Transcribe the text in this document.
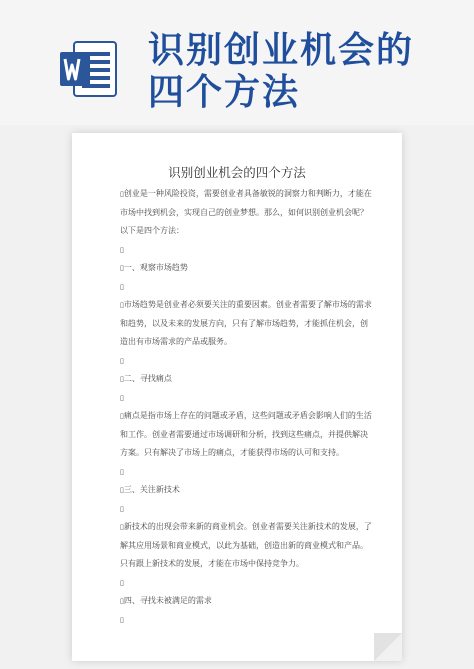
识别创业机会的四个方法
识别创业机会的四个方法

▯创业是一种风险投资，需要创业者具备敏锐的洞察力和判断力，才能在市场中找到机会，实现自己的创业梦想。那么，如何识别创业机会呢？以下是四个方法：

▯

▯一、观察市场趋势

▯

▯市场趋势是创业者必须要关注的重要因素。创业者需要了解市场的需求和趋势，以及未来的发展方向，只有了解市场趋势，才能抓住机会，创造出有市场需求的产品或服务。

▯

▯二、寻找痛点

▯

▯痛点是指市场上存在的问题或矛盾，这些问题或矛盾会影响人们的生活和工作。创业者需要通过市场调研和分析，找到这些痛点，并提供解决方案。只有解决了市场上的痛点，才能获得市场的认可和支持。

▯

▯三、关注新技术

▯

▯新技术的出现会带来新的商业机会。创业者需要关注新技术的发展，了解其应用场景和商业模式，以此为基础，创造出新的商业模式和产品。只有跟上新技术的发展，才能在市场中保持竞争力。

▯

▯四、寻找未被满足的需求

▯
